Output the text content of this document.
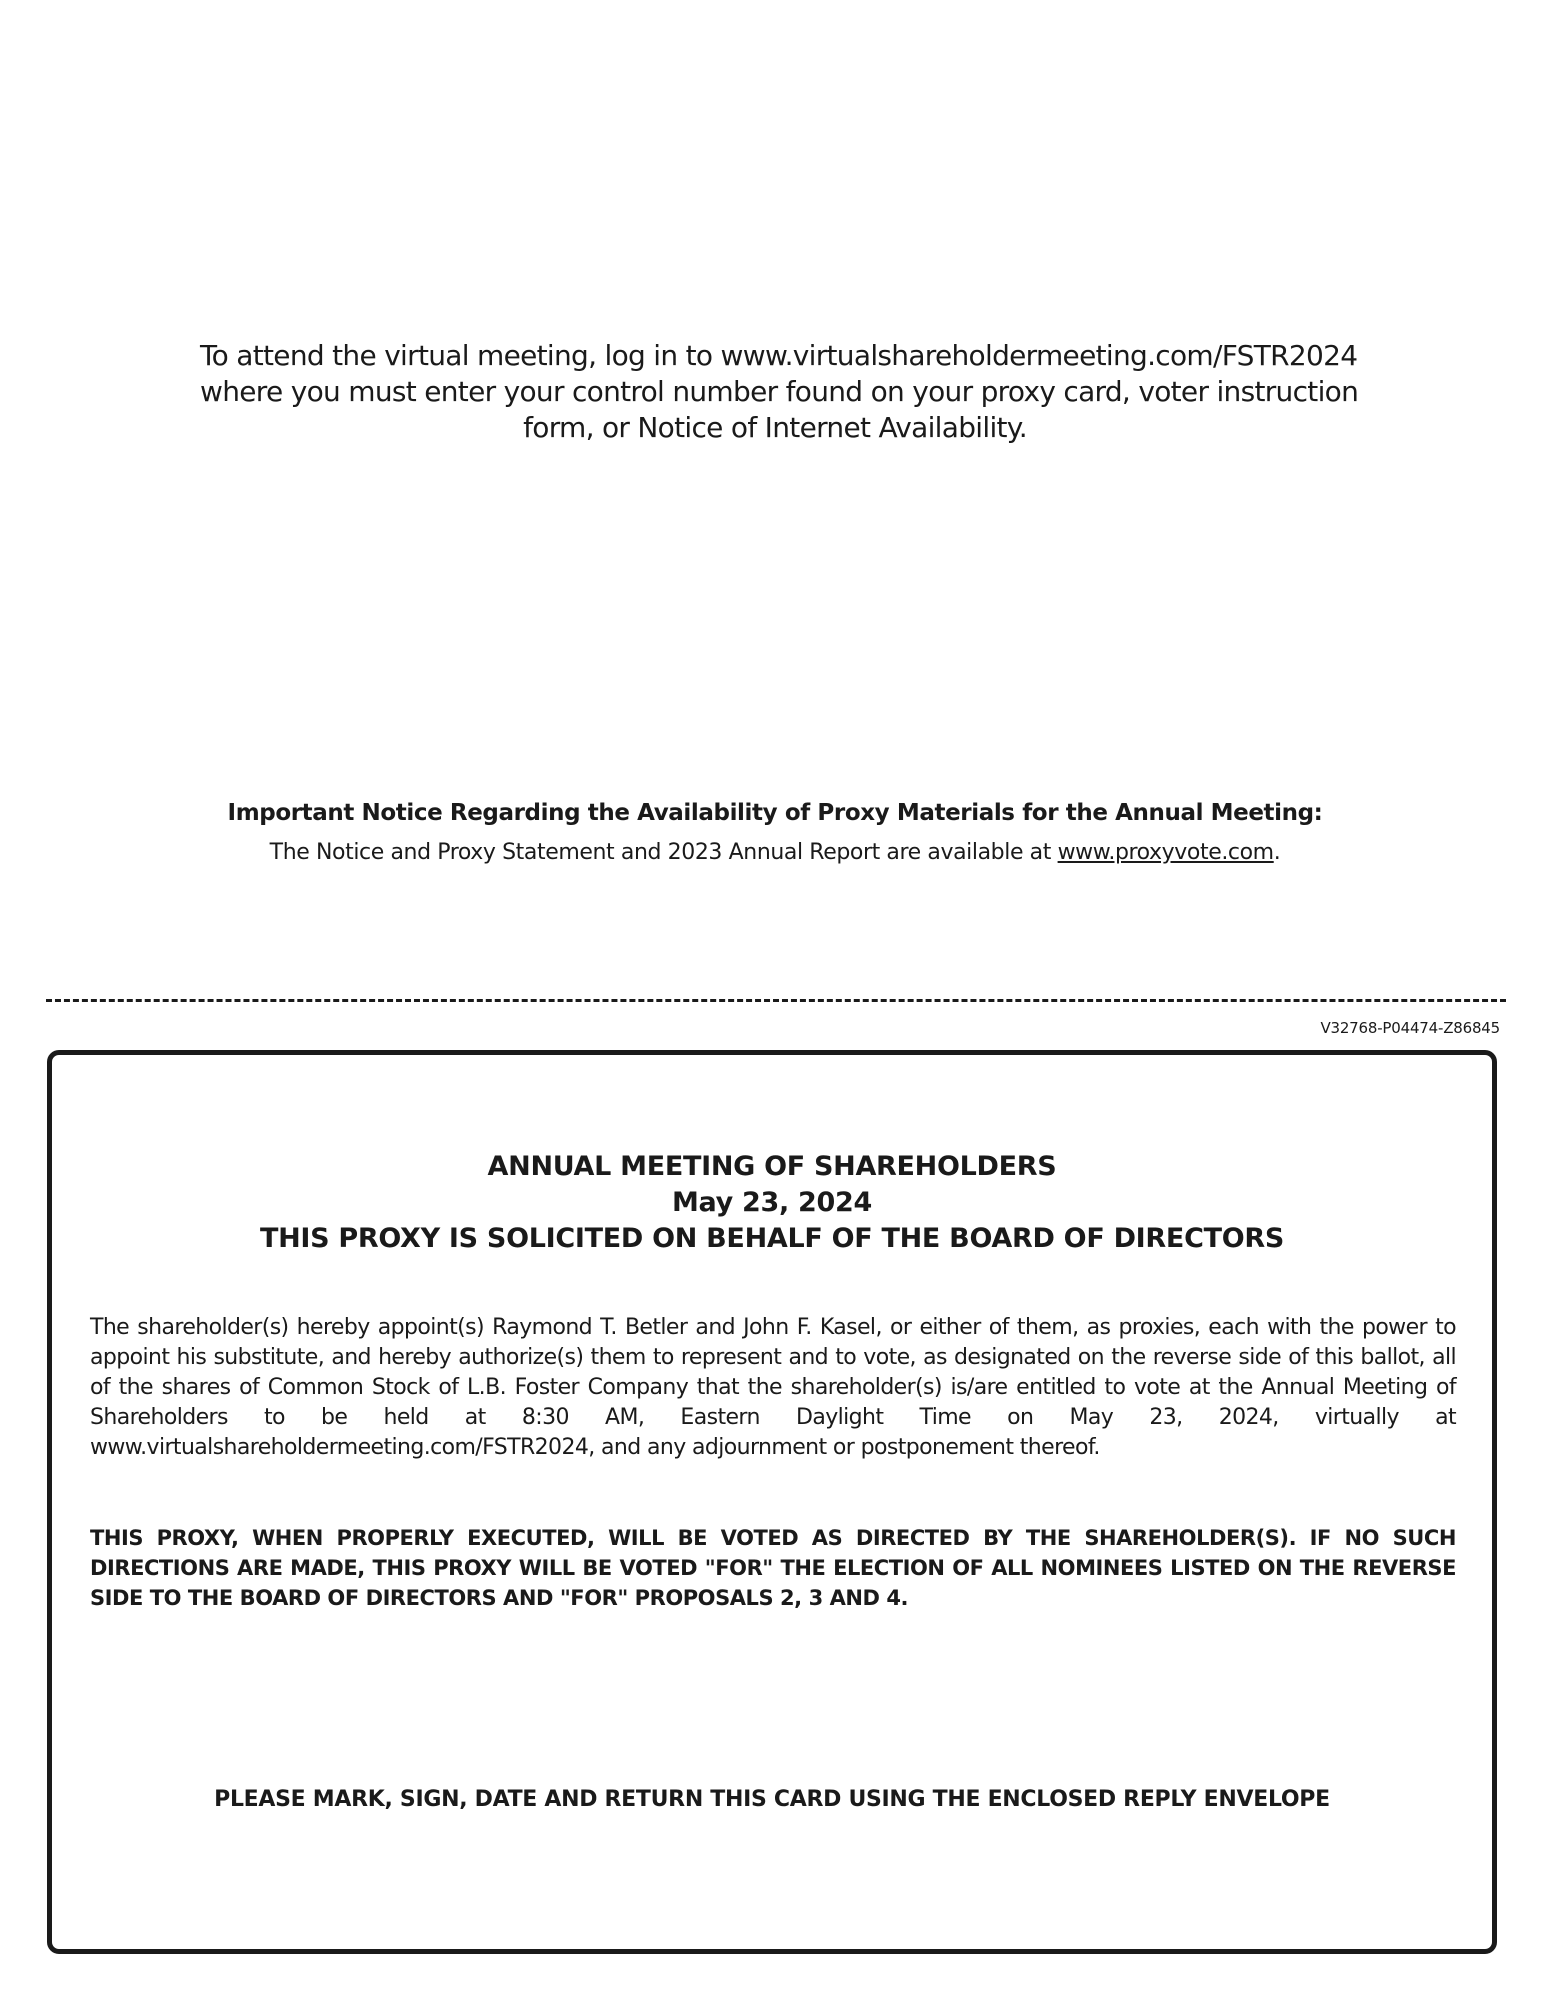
To attend the virtual meeting, log in to www.virtualshareholdermeeting.com/FSTR2024
where you must enter your control number found on your proxy card, voter instruction
form, or Notice of Internet Availability.
Important Notice Regarding the Availability of Proxy Materials for the Annual Meeting:
The Notice and Proxy Statement and 2023 Annual Report are available at www.proxyvote.com.
V32768-P04474-Z86845
ANNUAL MEETING OF SHAREHOLDERS
May 23, 2024
THIS PROXY IS SOLICITED ON BEHALF OF THE BOARD OF DIRECTORS
The shareholder(s) hereby appoint(s) Raymond T. Betler and John F. Kasel, or either of them, as proxies, each with the power to appoint his substitute, and hereby authorize(s) them to represent and to vote, as designated on the reverse side of this ballot, all of the shares of Common Stock of L.B. Foster Company that the shareholder(s) is/are entitled to vote at the Annual Meeting of Shareholders to be held at 8:30 AM, Eastern Daylight Time on May 23, 2024, virtually at www.virtualshareholdermeeting.com/FSTR2024, and any adjournment or postponement thereof.
THIS PROXY, WHEN PROPERLY EXECUTED, WILL BE VOTED AS DIRECTED BY THE SHAREHOLDER(S). IF NO SUCH DIRECTIONS ARE MADE, THIS PROXY WILL BE VOTED "FOR" THE ELECTION OF ALL NOMINEES LISTED ON THE REVERSE SIDE TO THE BOARD OF DIRECTORS AND "FOR" PROPOSALS 2, 3 AND 4.
PLEASE MARK, SIGN, DATE AND RETURN THIS CARD USING THE ENCLOSED REPLY ENVELOPE
